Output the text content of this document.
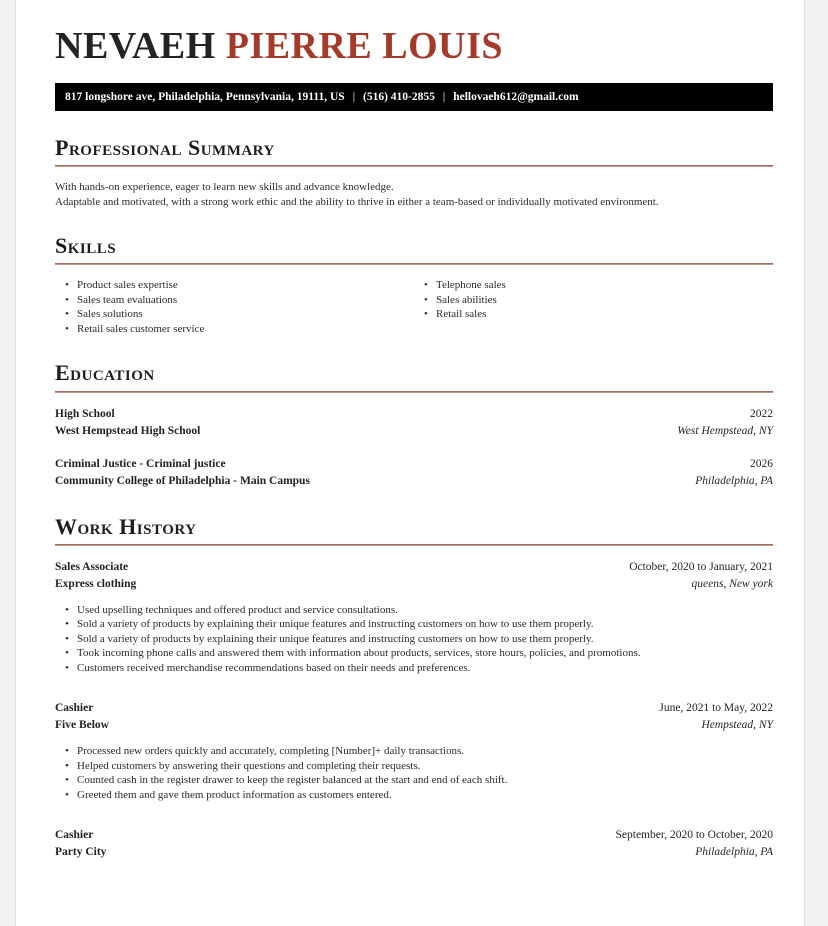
NEVAEH PIERRE LOUIS
817 longshore ave, Philadelphia, Pennsylvania, 19111, US | (516) 410-2855 | hellovaeh612@gmail.com
Professional Summary

With hands-on experience, eager to learn new skills and advance knowledge.

Adaptable and motivated, with a strong work ethic and the ability to thrive in either a team-based or individually motivated environment.

Skills
• Product sales expertise
• Sales team evaluations
• Sales solutions
• Retail sales customer service
• Telephone sales
• Sales abilities
• Retail sales
Education
High School	2022
West Hempstead High School	West Hempstead, NY
Criminal Justice - Criminal justice	2026
Community College of Philadelphia - Main Campus	Philadelphia, PA
Work History
Sales Associate	October, 2020 to January, 2021
Express clothing	queens, New york
• Used upselling techniques and offered product and service consultations.
• Sold a variety of products by explaining their unique features and instructing customers on how to use them properly.
• Sold a variety of products by explaining their unique features and instructing customers on how to use them properly.
• Took incoming phone calls and answered them with information about products, services, store hours, policies, and promotions.
• Customers received merchandise recommendations based on their needs and preferences.
Cashier	June, 2021 to May, 2022
Five Below	Hempstead, NY
• Processed new orders quickly and accurately, completing [Number]+ daily transactions.
• Helped customers by answering their questions and completing their requests.
• Counted cash in the register drawer to keep the register balanced at the start and end of each shift.
• Greeted them and gave them product information as customers entered.
Cashier	September, 2020 to October, 2020
Party City	Philadelphia, PA
